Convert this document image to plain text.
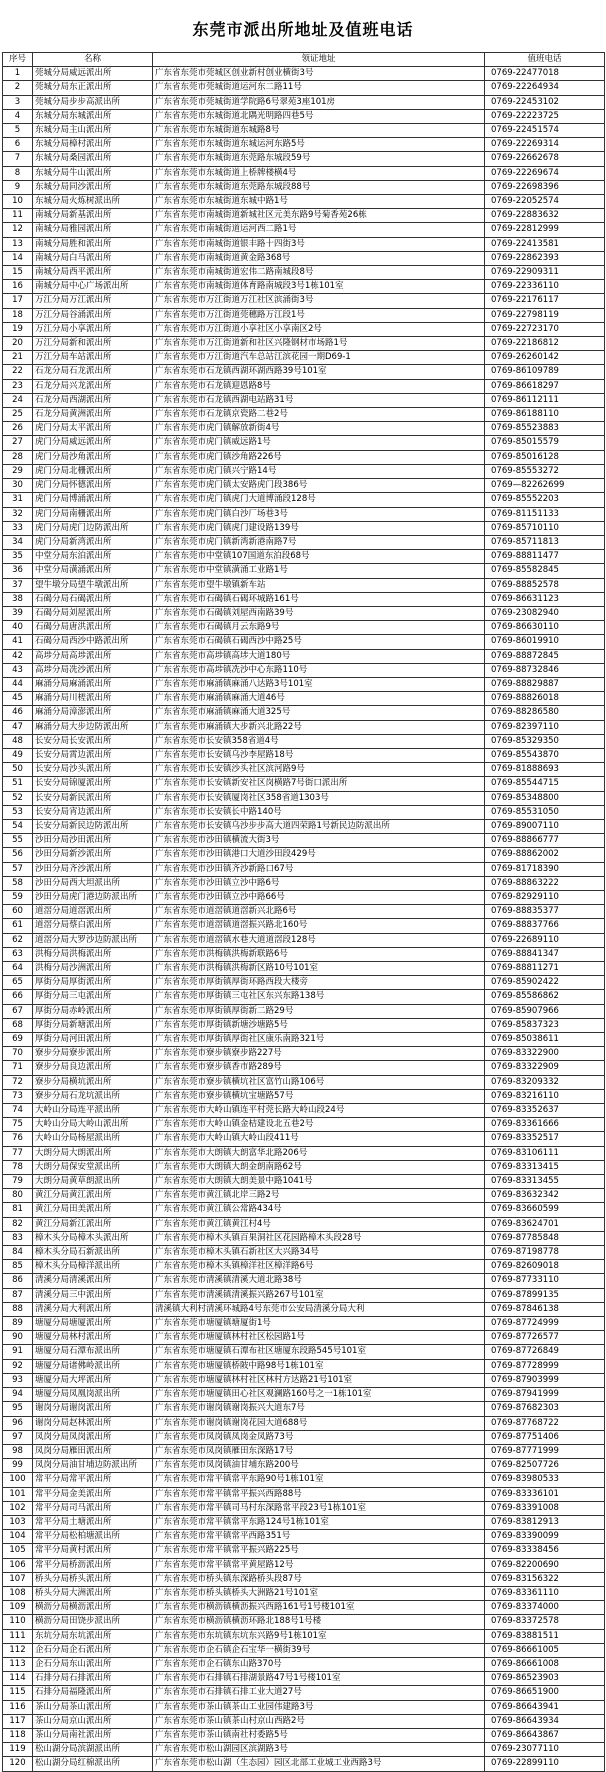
东莞市派出所地址及值班电话
序号	名称	领证地址	值班电话
1	莞城分局威远派出所	广东省东莞市莞城区创业新村创业横街3号	0769-22477018
2	莞城分局东正派出所	广东省东莞市莞城街道运河东二路11号	0769-22264934
3	莞城分局步步高派出所	广东省东莞市莞城街道学院路6号翠苑3座101房	0769-22453102
4	东城分局东城派出所	广东省东莞市东城街道北隅光明路四巷5号	0769-22223725
5	东城分局主山派出所	广东省东莞市东城街道东城路8号	0769-22451574
6	东城分局樟村派出所	广东省东莞市东城街道东城运河东路5号	0769-22269314
7	东城分局桑园派出所	广东省东莞市东城街道东莞路东城段59号	0769-22662678
8	东城分局牛山派出所	广东省东莞市东城街道上桥牌楼横4号	0769-22269674
9	东城分局同沙派出所	广东省东莞市东城街道东莞路东城段88号	0769-22698396
10	东城分局火炼树派出所	广东省东莞市东城街道东城中路1号	0769-22052574
11	南城分局新基派出所	广东省东莞市南城街道新城社区元美东路9号菊香苑26栋	0769-22883632
12	南城分局雅园派出所	广东省东莞市南城街道运河西二路1号	0769-22812999
13	南城分局胜和派出所	广东省东莞市南城街道银丰路十四街3号	0769-22413581
14	南城分局白马派出所	广东省东莞市南城街道黄金路368号	0769-22862393
15	南城分局西平派出所	广东省东莞市南城街道宏伟二路南城段8号	0769-22909311
16	南城分局中心广场派出所	广东省东莞市南城街道体育路南城段3号1栋101室	0769-22336110
17	万江分局万江派出所	广东省东莞市万江街道万江社区滨涌街3号	0769-22176117
18	万江分局谷涌派出所	广东省东莞市万江街道莞穗路万江段1号	0769-22798119
19	万江分局小享派出所	广东省东莞市万江街道小享社区小享南区2号	0769-22723170
20	万江分局新和派出所	广东省东莞市万江街道新和社区兴隆钢材市场路1号	0769-22186812
21	万江分局车站派出所	广东省东莞市万江街道汽车总站江滨花园一期D69-1	0769-26260142
22	石龙分局石龙派出所	广东省东莞市石龙镇西湖环湖西路39号101室	0769-86109789
23	石龙分局兴龙派出所	广东省东莞市石龙镇迎恩路8号	0769-86618297
24	石龙分局西湖派出所	广东省东莞市石龙镇西湖电站路31号	0769-86112111
25	石龙分局黄洲派出所	广东省东莞市石龙镇京瓷路二巷2号	0769-86188110
26	虎门分局太平派出所	广东省东莞市虎门镇解放新街4号	0769-85523883
27	虎门分局威远派出所	广东省东莞市虎门镇威远路1号	0769-85015579
28	虎门分局沙角派出所	广东省东莞市虎门镇沙角路226号	0769-85016128
29	虎门分局北栅派出所	广东省东莞市虎门镇兴宁路14号	0769-85553272
30	虎门分局怀德派出所	广东省东莞市虎门镇太安路虎门段386号	0769—82262699
31	虎门分局博涌派出所	广东省东莞市虎门镇虎门大道博涌段128号	0769-85552203
32	虎门分局南栅派出所	广东省东莞市虎门镇白沙厂场巷3号	0769-81151133
33	虎门分局虎门边防派出所	广东省东莞市虎门镇虎门建设路139号	0769-85710110
34	虎门分局新湾派出所	广东省东莞市虎门镇新湾新港南路7号	0769-85711813
35	中堂分局东泊派出所	广东省东莞市中堂镇107国道东泊段68号	0769-88811477
36	中堂分局潢涌派出所	广东省东莞市中堂镇潢涌工业路1号	0769-85582845
37	望牛墩分局望牛墩派出所	广东省东莞市望牛墩镇新车站	0769-88852578
38	石碣分局石碣派出所	广东省东莞市石碣镇石碣环城路161号	0769-86631123
39	石碣分局刘屋派出所	广东省东莞市石碣镇刘屋西南路39号	0769-23082940
40	石碣分局唐洪派出所	广东省东莞市石碣镇月云东路9号	0769-86630110
41	石碣分局西沙中路派出所	广东省东莞市石碣镇石碣西沙中路25号	0769-86019910
42	高埗分局高埗派出所	广东省东莞市高埗镇高埗大道180号	0769-88872845
43	高埗分局冼沙派出所	广东省东莞市高埗镇冼沙中心东路110号	0769-88732846
44	麻涌分局麻涌派出所	广东省东莞市麻涌镇麻涌八达路3号101室	0769-88829887
45	麻涌分局川槎派出所	广东省东莞市麻涌镇麻涌大道46号	0769-88826018
46	麻涌分局漳澎派出所	广东省东莞市麻涌镇麻涌大道325号	0769-88286580
47	麻涌分局大步边防派出所	广东省东莞市麻涌镇大步新兴北路22号	0769-82397110
48	长安分局长安派出所	广东省东莞市长安镇358省道4号	0769-85329350
49	长安分局霄边派出所	广东省东莞市长安镇乌沙李屋路18号	0769-85543870
50	长安分局沙头派出所	广东省东莞市长安镇沙头社区滨河路9号	0769-81888693
51	长安分局锦厦派出所	广东省东莞市长安镇新安社区岗横路7号街口派出所	0769-85544715
52	长安分局新民派出所	广东省东莞市长安镇厦岗社区358省道1303号	0769-85348800
53	长安分局宵边派出所	广东省东莞市长安镇长中路140号	0769-85531050
54	长安分局新民边防派出所	广东省东莞市长安镇乌沙步步高大道四荣路1号新民边防派出所	0769-89007110
55	沙田分局沙田派出所	广东省东莞市沙田镇横流大街3号	0769-88866777
56	沙田分局新沙派出所	广东省东莞市沙田镇港口大道沙田段429号	0769-88862002
57	沙田分局齐沙派出所	广东省东莞市沙田镇齐沙新路口67号	0769-81718390
58	沙田分局西大坦派出所	广东省东莞市沙田镇立沙中路6号	0769-88863222
59	沙田分局虎门港边防派出所	广东省东莞市沙田镇立沙中路66号	0769-82929110
60	道滘分局道滘派出所	广东省东莞市道滘镇道滘新兴北路6号	0769-88835377
61	道滘分局蔡白派出所	广东省东莞市道滘镇道滘振兴路北160号	0769-88837766
62	道滘分局大罗沙边防派出所	广东省东莞市道滘镇水巷大道道滘段128号	0769-22689110
63	洪梅分局洪梅派出所	广东省东莞市洪梅镇洪梅新联路6号	0769-88841347
64	洪梅分局沙洲派出所	广东省东莞市洪梅镇洪梅新区路10号101室	0769-88811271
65	厚街分局厚街派出所	广东省东莞市厚街镇厚街环路西段大楼旁	0769-85902422
66	厚街分局三屯派出所	广东省东莞市厚街镇三屯社区东兴东路138号	0769-85586862
67	厚街分局赤岭派出所	广东省东莞市厚街镇厚街新二路29号	0769-85907966
68	厚街分局新塘派出所	广东省东莞市厚街镇新塘沙塘路5号	0769-85837323
69	厚街分局河田派出所	广东省东莞市厚街镇厚街社区康乐南路321号	0769-85038611
70	寮步分局寮步派出所	广东省东莞市寮步镇寮步路227号	0769-83322900
71	寮步分局良边派出所	广东省东莞市寮步镇香市路289号	0769-83322909
72	寮步分局横坑派出所	广东省东莞市寮步镇横坑社区富竹山路106号	0769-83209332
73	寮步分局石龙坑派出所	广东省东莞市寮步镇横坑宝塘路57号	0769-83216110
74	大岭山分局连平派出所	广东省东莞市大岭山镇连平村莞长路大岭山段24号	0769-83352637
75	大岭山分局大岭山派出所	广东省东莞市大岭山镇金桔建设北五巷2号	0769-83361666
76	大岭山分局杨屋派出所	广东省东莞市大岭山镇大岭山段411号	0769-83352517
77	大朗分局大朗派出所	广东省东莞市大朗镇大朗富华北路206号	0769-83106111
78	大朗分局保安堂派出所	广东省东莞市大朗镇大朗金朗南路62号	0769-83313415
79	大朗分局黄草朗派出所	广东省东莞市大朗镇大朗美景中路1041号	0769-83313455
80	黄江分局黄江派出所	广东省东莞市黄江镇北岸三路2号	0769-83632342
81	黄江分局田美派出所	广东省东莞市黄江镇公常路434号	0769-83660599
82	黄江分局新江派出所	广东省东莞市黄江镇黄江村4号	0769-83624701
83	樟木头分局樟木头派出所	广东省东莞市樟木头镇百果洞社区花园路樟木头段28号	0769-87785848
84	樟木头分局石新派出所	广东省东莞市樟木头镇石新社区大兴路34号	0769-87198778
85	樟木头分局樟洋派出所	广东省东莞市樟木头镇樟洋社区樟洋路6号	0769-82609018
86	清溪分局清溪派出所	广东省东莞市清溪镇清溪大道北路38号	0769-87733110
87	清溪分局三中派出所	广东省东莞市清溪镇清溪振兴路267号101室	0769-87899135
88	清溪分局大利派出所	清溪镇大利村清溪环城路4号东莞市公安局清溪分局大利	0769-87846138
89	塘厦分局塘厦派出所	广东省东莞市塘厦镇塘厦街1号	0769-87724999
90	塘厦分局林村派出所	广东省东莞市塘厦镇林村社区松园路1号	0769-87726577
91	塘厦分局石潭布派出所	广东省东莞市塘厦镇石潭布社区塘厦东段路545号101室	0769-87726849
92	塘厦分局诸佛岭派出所	广东省东莞市塘厦镇桥陂中路98号1栋101室	0769-87728999
93	塘厦分局大坪派出所	广东省东莞市塘厦镇林村社区林村方达路21号101室	0769-87903999
94	塘厦分局凤凰岗派出所	广东省东莞市塘厦镇田心社区观澜路160号之一1栋101室	0769-87941999
95	谢岗分局谢岗派出所	广东省东莞市谢岗镇谢岗振兴大道东7号	0769-87682303
96	谢岗分局赵林派出所	广东省东莞市谢岗镇谢岗花园大道688号	0769-87768722
97	凤岗分局凤岗派出所	广东省东莞市凤岗镇凤岗金凤路73号	0769-87751406
98	凤岗分局雁田派出所	广东省东莞市凤岗镇雁田东深路17号	0769-87771999
99	凤岗分局油甘埔边防派出所	广东省东莞市凤岗镇油甘埔东路200号	0769-82507726
100	常平分局常平派出所	广东省东莞市常平镇常平东路90号1栋101室	0769-83980533
101	常平分局金美派出所	广东省东莞市常平镇常平振兴西路88号	0769-83336101
102	常平分局司马派出所	广东省东莞市常平镇司马村东深路常平段23号1栋101室	0769-83391008
103	常平分局土塘派出所	广东省东莞市常平镇常平东路124号1栋101室	0769-83812913
104	常平分局松柏塘派出所	广东省东莞市常平镇常平西路351号	0769-83390099
105	常平分局黄村派出所	广东省东莞市常平镇常平振兴路225号	0769-83338456
106	常平分局桥沥派出所	广东省东莞市常平镇常平黄屋路12号	0769-82200690
107	桥头分局桥头派出所	广东省东莞市桥头镇东深路桥头段87号	0769-83156322
108	桥头分局大洲派出所	广东省东莞市桥头镇桥头大洲路21号101室	0769-83361110
109	横沥分局横沥派出所	广东省东莞市横沥镇横沥振兴西路161号1号楼101室	0769-83374000
110	横沥分局田饶步派出所	广东省东莞市横沥镇横沥环路北188号1号楼	0769-83372578
111	东坑分局东坑派出所	广东省东莞市东坑镇东坑东兴路9号1栋101室	0769-83881511
112	企石分局企石派出所	广东省东莞市企石镇企石宝华一横街39号	0769-86661005
113	企石分局东山派出所	广东省东莞市企石镇东山路370号	0769-86661008
114	石排分局石排派出所	广东省东莞市石排镇石排湖景路47号1号楼101室	0769-86523903
115	石排分局福隆派出所	广东省东莞市石排镇石排工业大道27号	0769-86651900
116	茶山分局茶山派出所	广东省东莞市茶山镇茶山工业园伟建路3号	0769-86643941
117	茶山分局京山派出所	广东省东莞市茶山镇茶山村京山西路2号	0769-86643934
118	茶山分局南社派出所	广东省东莞市茶山镇南社村委路5号	0769-86643867
119	松山湖分局滨湖派出所	广东省东莞市松山湖园区滨湖路3号	0769-23077110
120	松山湖分局红棉派出所	广东省东莞市松山湖（生态园）园区北部工业城工业西路3号	0769-22899110
